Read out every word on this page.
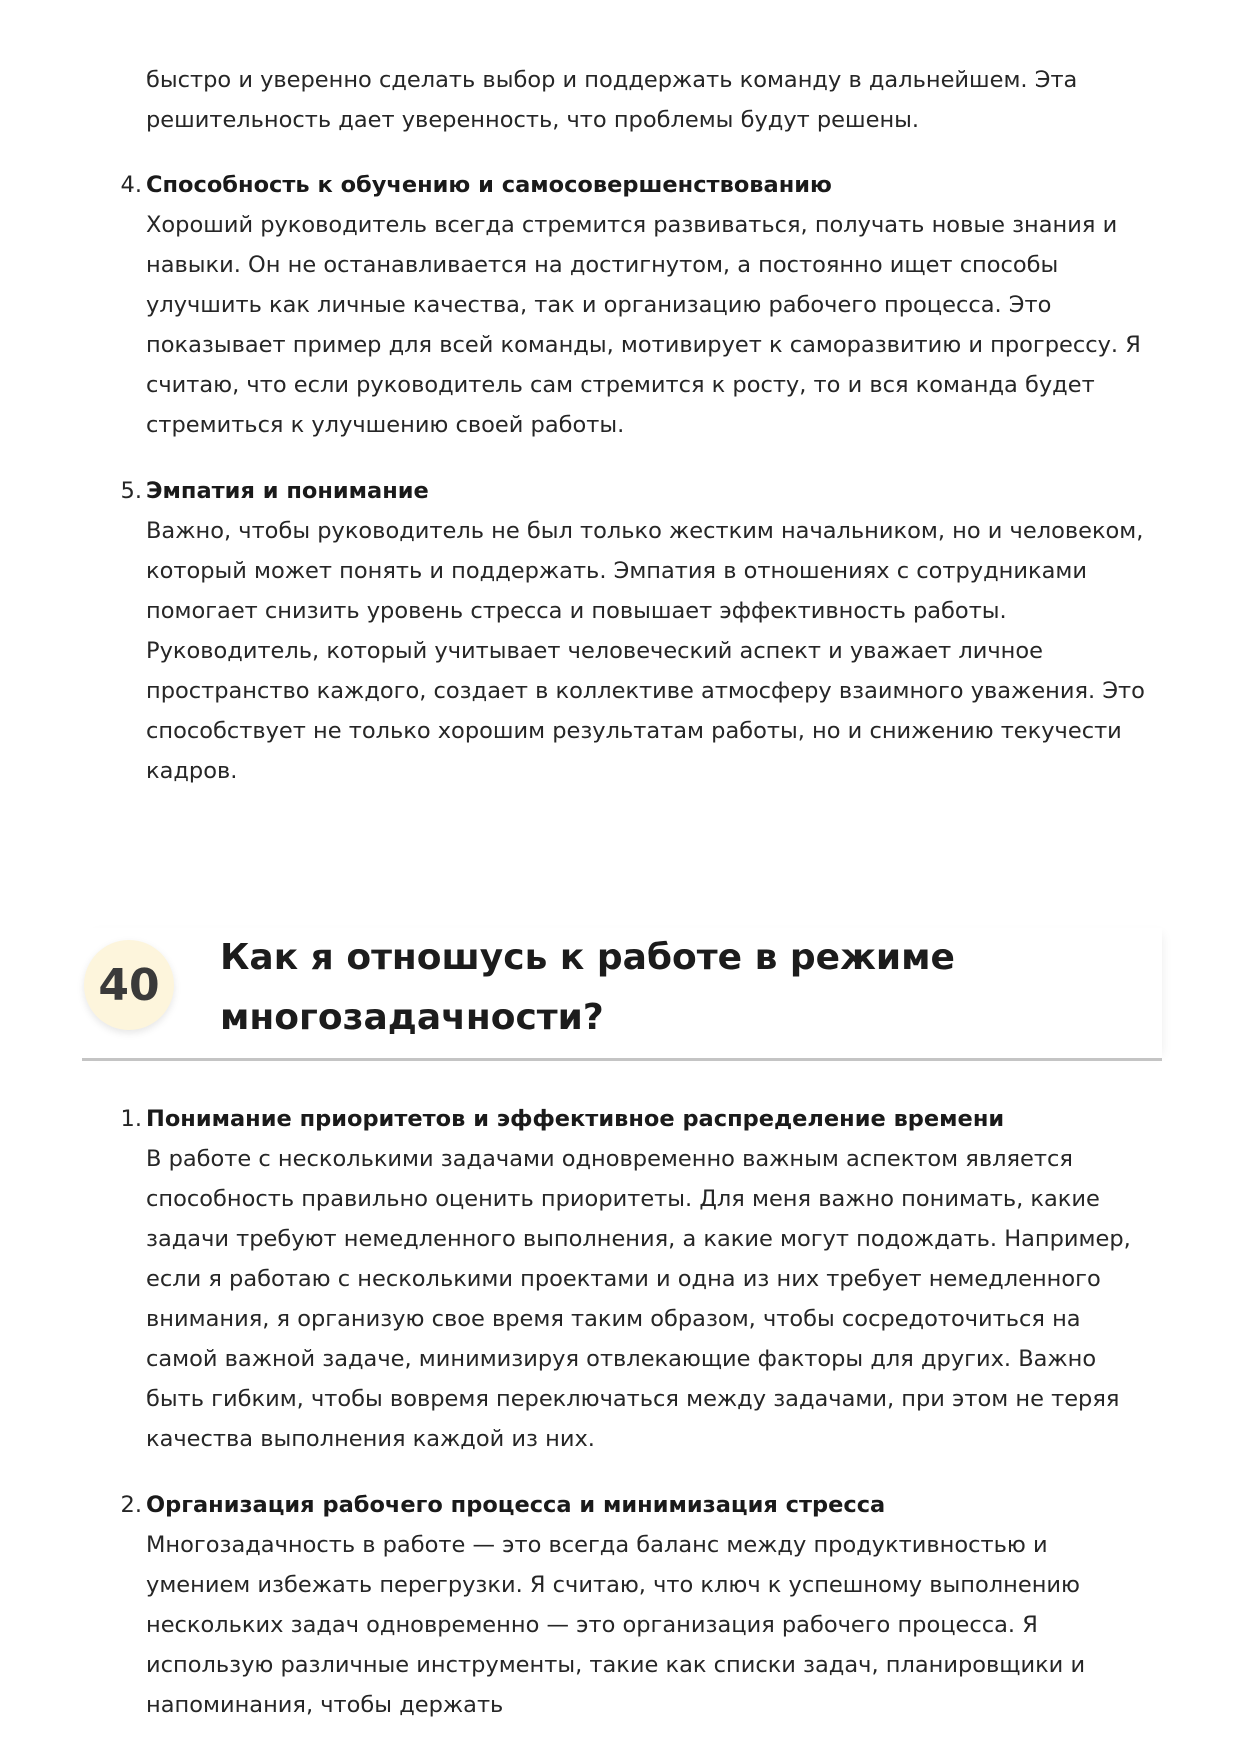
быстро и уверенно сделать выбор и поддержать команду в дальнейшем. Эта решительность дает уверенность, что проблемы будут решены.
4. Способность к обучению и самосовершенствованию
Хороший руководитель всегда стремится развиваться, получать новые знания и навыки. Он не останавливается на достигнутом, а постоянно ищет способы улучшить как личные качества, так и организацию рабочего процесса. Это показывает пример для всей команды, мотивирует к саморазвитию и прогрессу. Я считаю, что если руководитель сам стремится к росту, то и вся команда будет стремиться к улучшению своей работы.
5. Эмпатия и понимание
Важно, чтобы руководитель не был только жестким начальником, но и человеком, который может понять и поддержать. Эмпатия в отношениях с сотрудниками помогает снизить уровень стресса и повышает эффективность работы. Руководитель, который учитывает человеческий аспект и уважает личное пространство каждого, создает в коллективе атмосферу взаимного уважения. Это способствует не только хорошим результатам работы, но и снижению текучести кадров.
40
Как я отношусь к работе в режиме многозадачности?
1. Понимание приоритетов и эффективное распределение времени
В работе с несколькими задачами одновременно важным аспектом является способность правильно оценить приоритеты. Для меня важно понимать, какие задачи требуют немедленного выполнения, а какие могут подождать. Например, если я работаю с несколькими проектами и одна из них требует немедленного внимания, я организую свое время таким образом, чтобы сосредоточиться на самой важной задаче, минимизируя отвлекающие факторы для других. Важно быть гибким, чтобы вовремя переключаться между задачами, при этом не теряя качества выполнения каждой из них.
2. Организация рабочего процесса и минимизация стресса
Многозадачность в работе — это всегда баланс между продуктивностью и умением избежать перегрузки. Я считаю, что ключ к успешному выполнению нескольких задач одновременно — это организация рабочего процесса. Я использую различные инструменты, такие как списки задач, планировщики и напоминания, чтобы держать
